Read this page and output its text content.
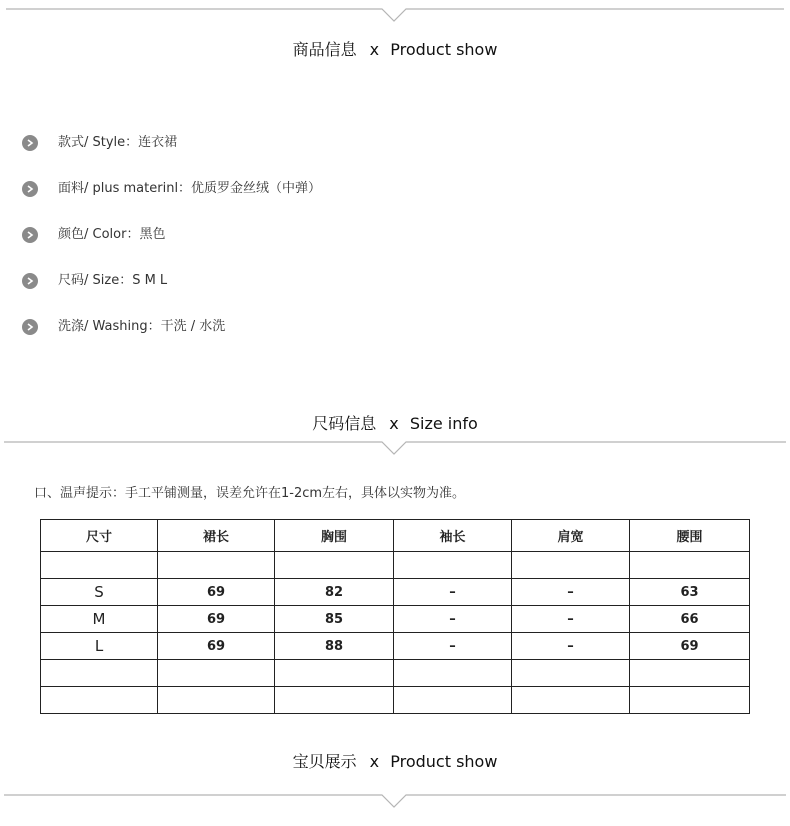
商品信息 x Product show
款式/ Style：连衣裙
面料/ plus materinl：优质罗金丝绒（中弹）
颜色/ Color：黑色
尺码/ Size：S M L
洗涤/ Washing：干洗 / 水洗
尺码信息 x Size info
口、温声提示：手工平铺测量，误差允许在1-2cm左右，具体以实物为准。
尺寸	裙长	胸围	袖长	肩宽	腰围

S	69	82	–	–	63
M	69	85	–	–	66
L	69	88	–	–	69

宝贝展示 x Product show
